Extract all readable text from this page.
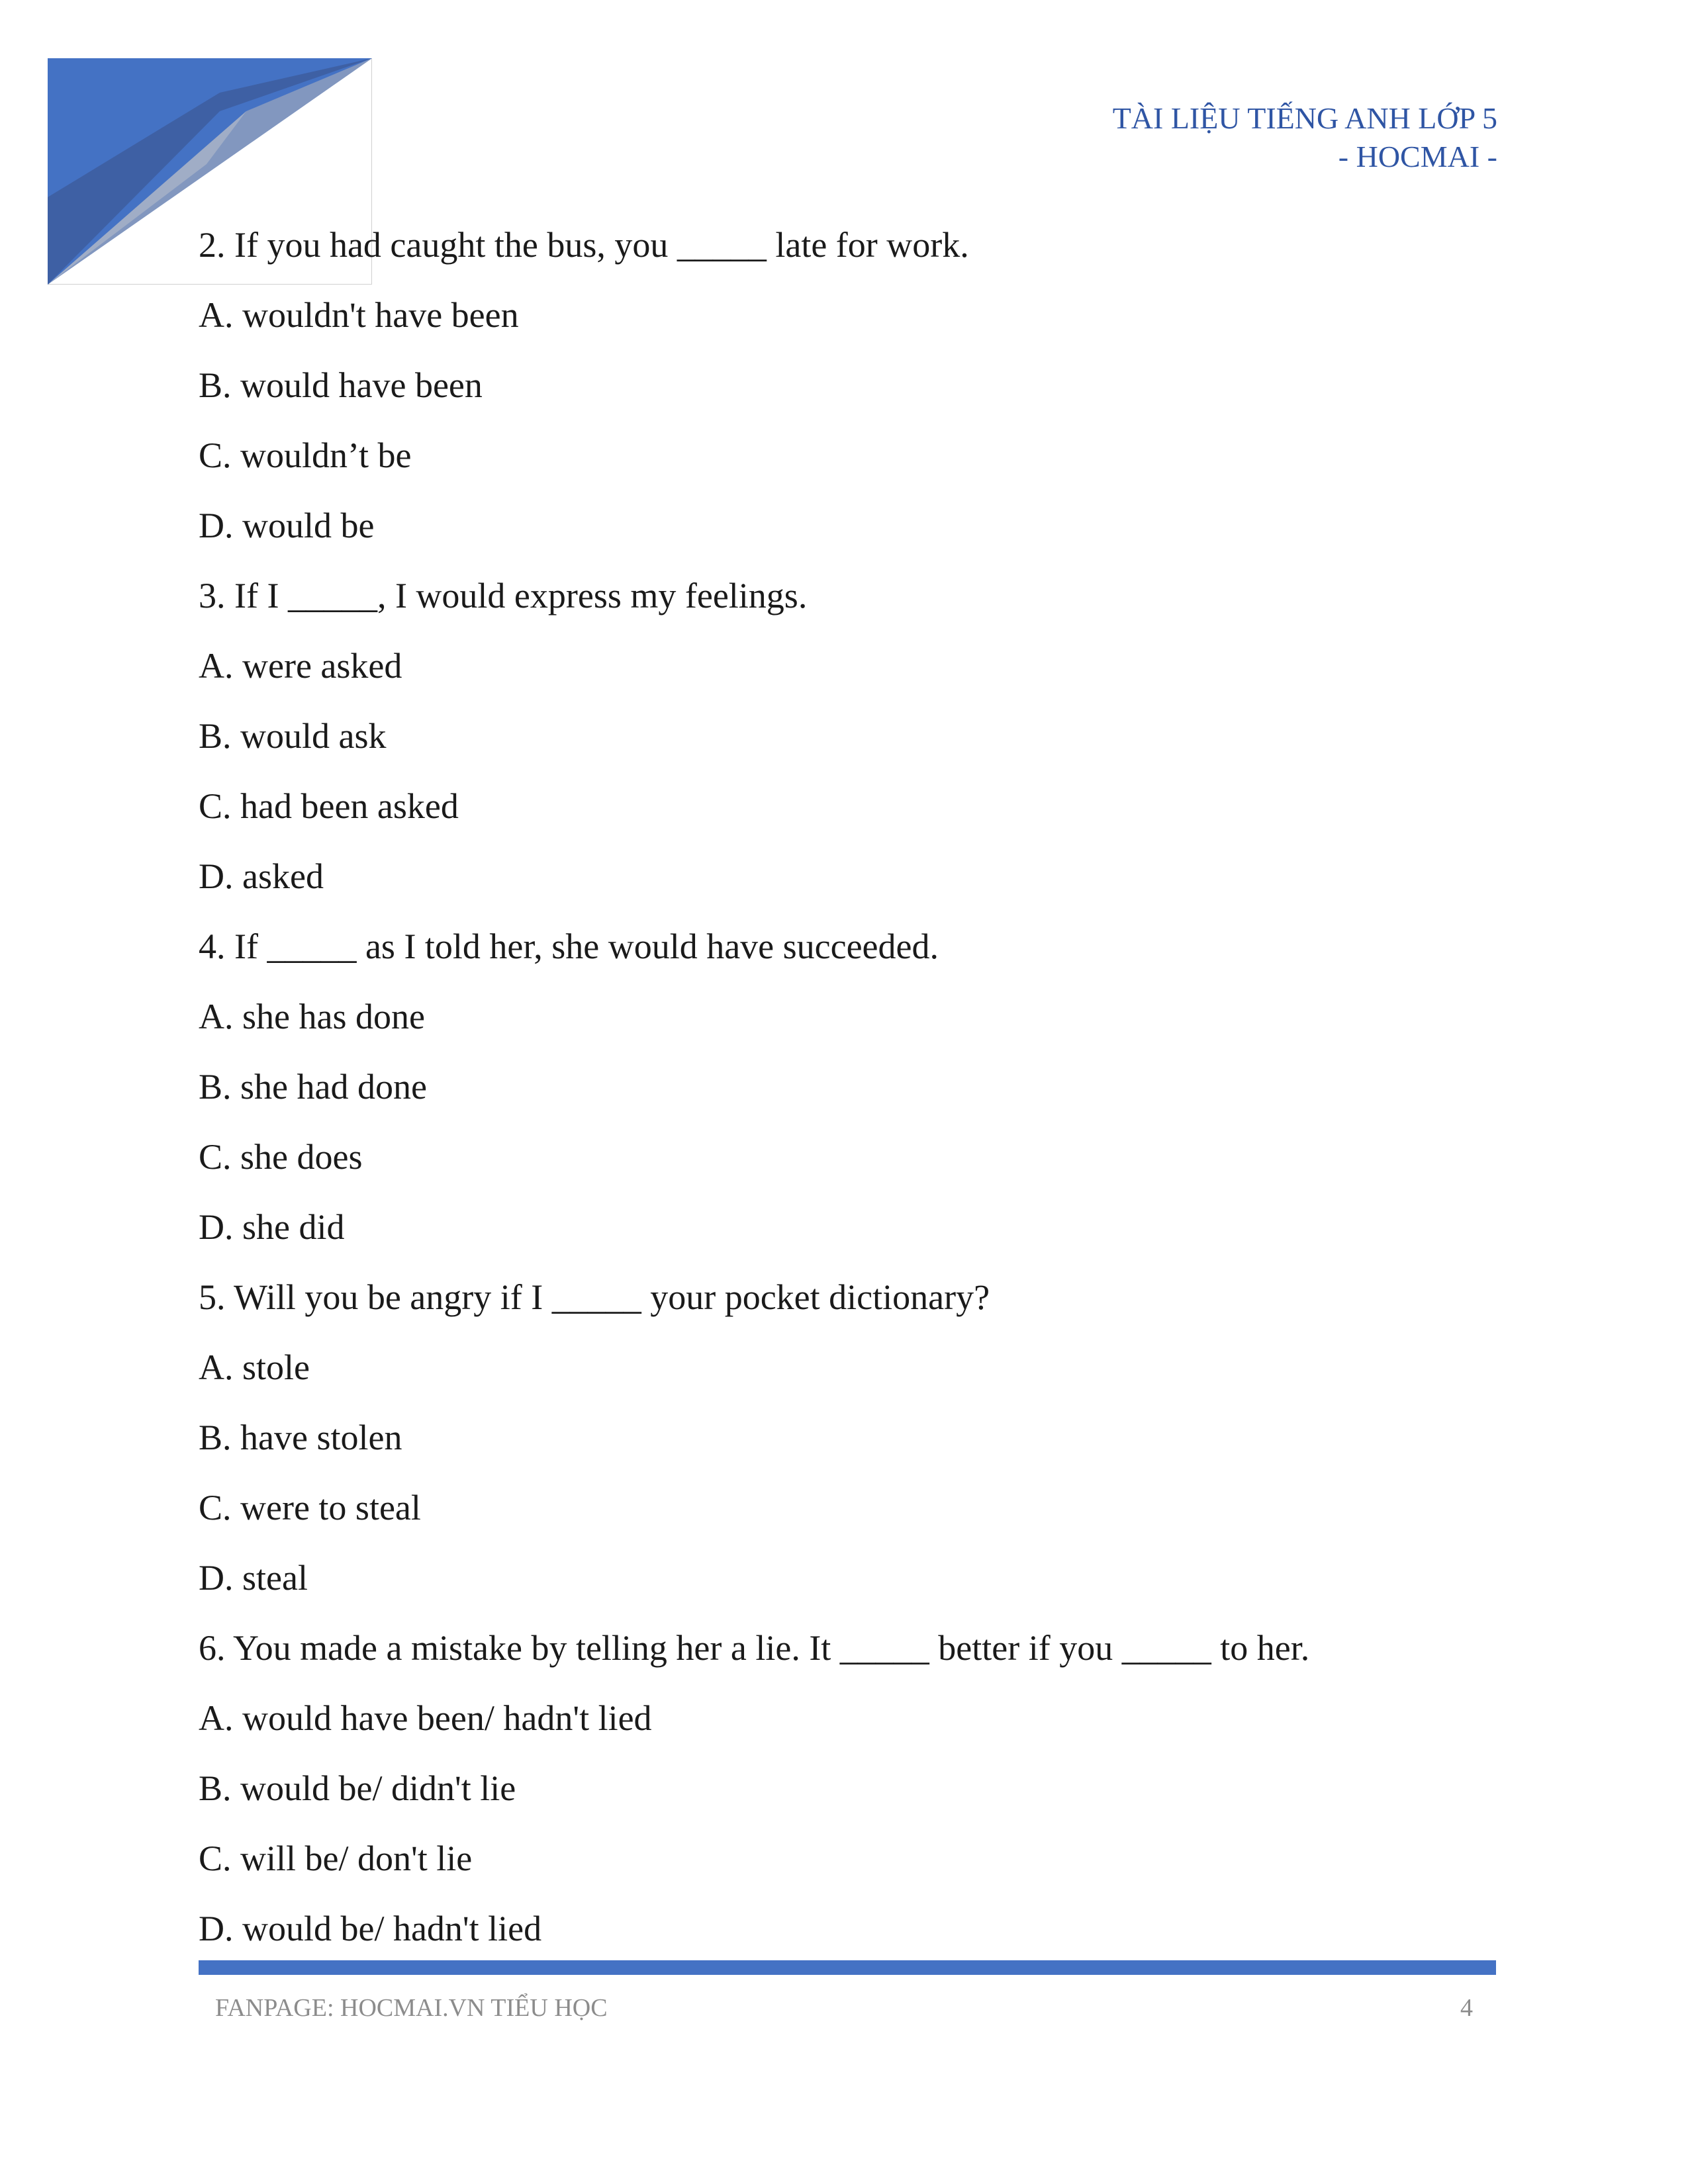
TÀI LIỆU TIẾNG ANH LỚP 5
- HOCMAI -
2. If you had caught the bus, you _____ late for work.
A. wouldn't have been
B. would have been
C. wouldn’t be
D. would be
3. If I _____, I would express my feelings.
A. were asked
B. would ask
C. had been asked
D. asked
4. If _____ as I told her, she would have succeeded.
A. she has done
B. she had done
C. she does
D. she did
5. Will you be angry if I _____ your pocket dictionary?
A. stole
B. have stolen
C. were to steal
D. steal
6. You made a mistake by telling her a lie. It _____ better if you _____ to her.
A. would have been/ hadn't lied
B. would be/ didn't lie
C. will be/ don't lie
D. would be/ hadn't lied
FANPAGE: HOCMAI.VN TIỂU HỌC	4
